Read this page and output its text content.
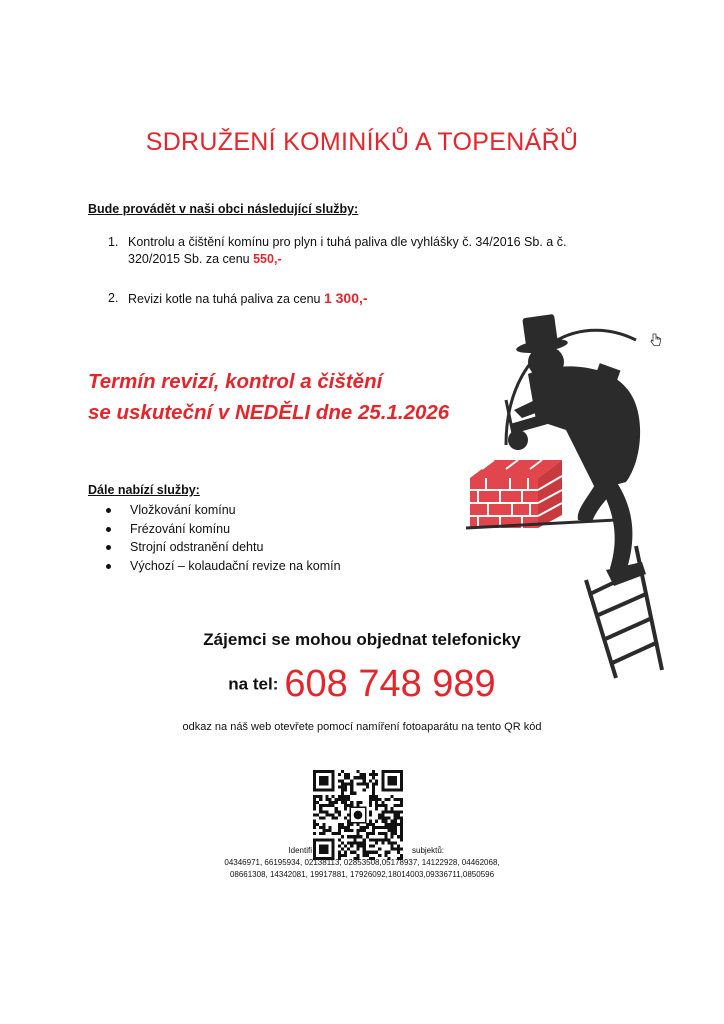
SDRUŽENÍ KOMINÍKŮ A TOPENÁŘŮ
Bude provádět v naši obci následující služby:
1. Kontrolu a čištění komínu pro plyn i tuhá paliva dle vyhlášky č. 34/2016 Sb. a č. 320/2015 Sb. za cenu 550,-
2. Revizi kotle na tuhá paliva za cenu 1 300,-
Termín revizí, kontrol a čištění
se uskuteční v NEDĚLI dne 25.1.2026
Dále nabízí služby:
Vložkování komínu
Frézování komínu
Strojní odstranění dehtu
Výchozí – kolaudační revize na komín
Zájemci se mohou objednat telefonicky
na tel: 608 748 989
odkaz na náš web otevřete pomocí namíření fotoaparátu na tento QR kód
Identifi	subjektů:
04346971, 66195934, 02138113, 02853508,05178937, 14122928, 04462068,
08661308, 14342081, 19917881, 17926092,18014003,09336711,0850596
